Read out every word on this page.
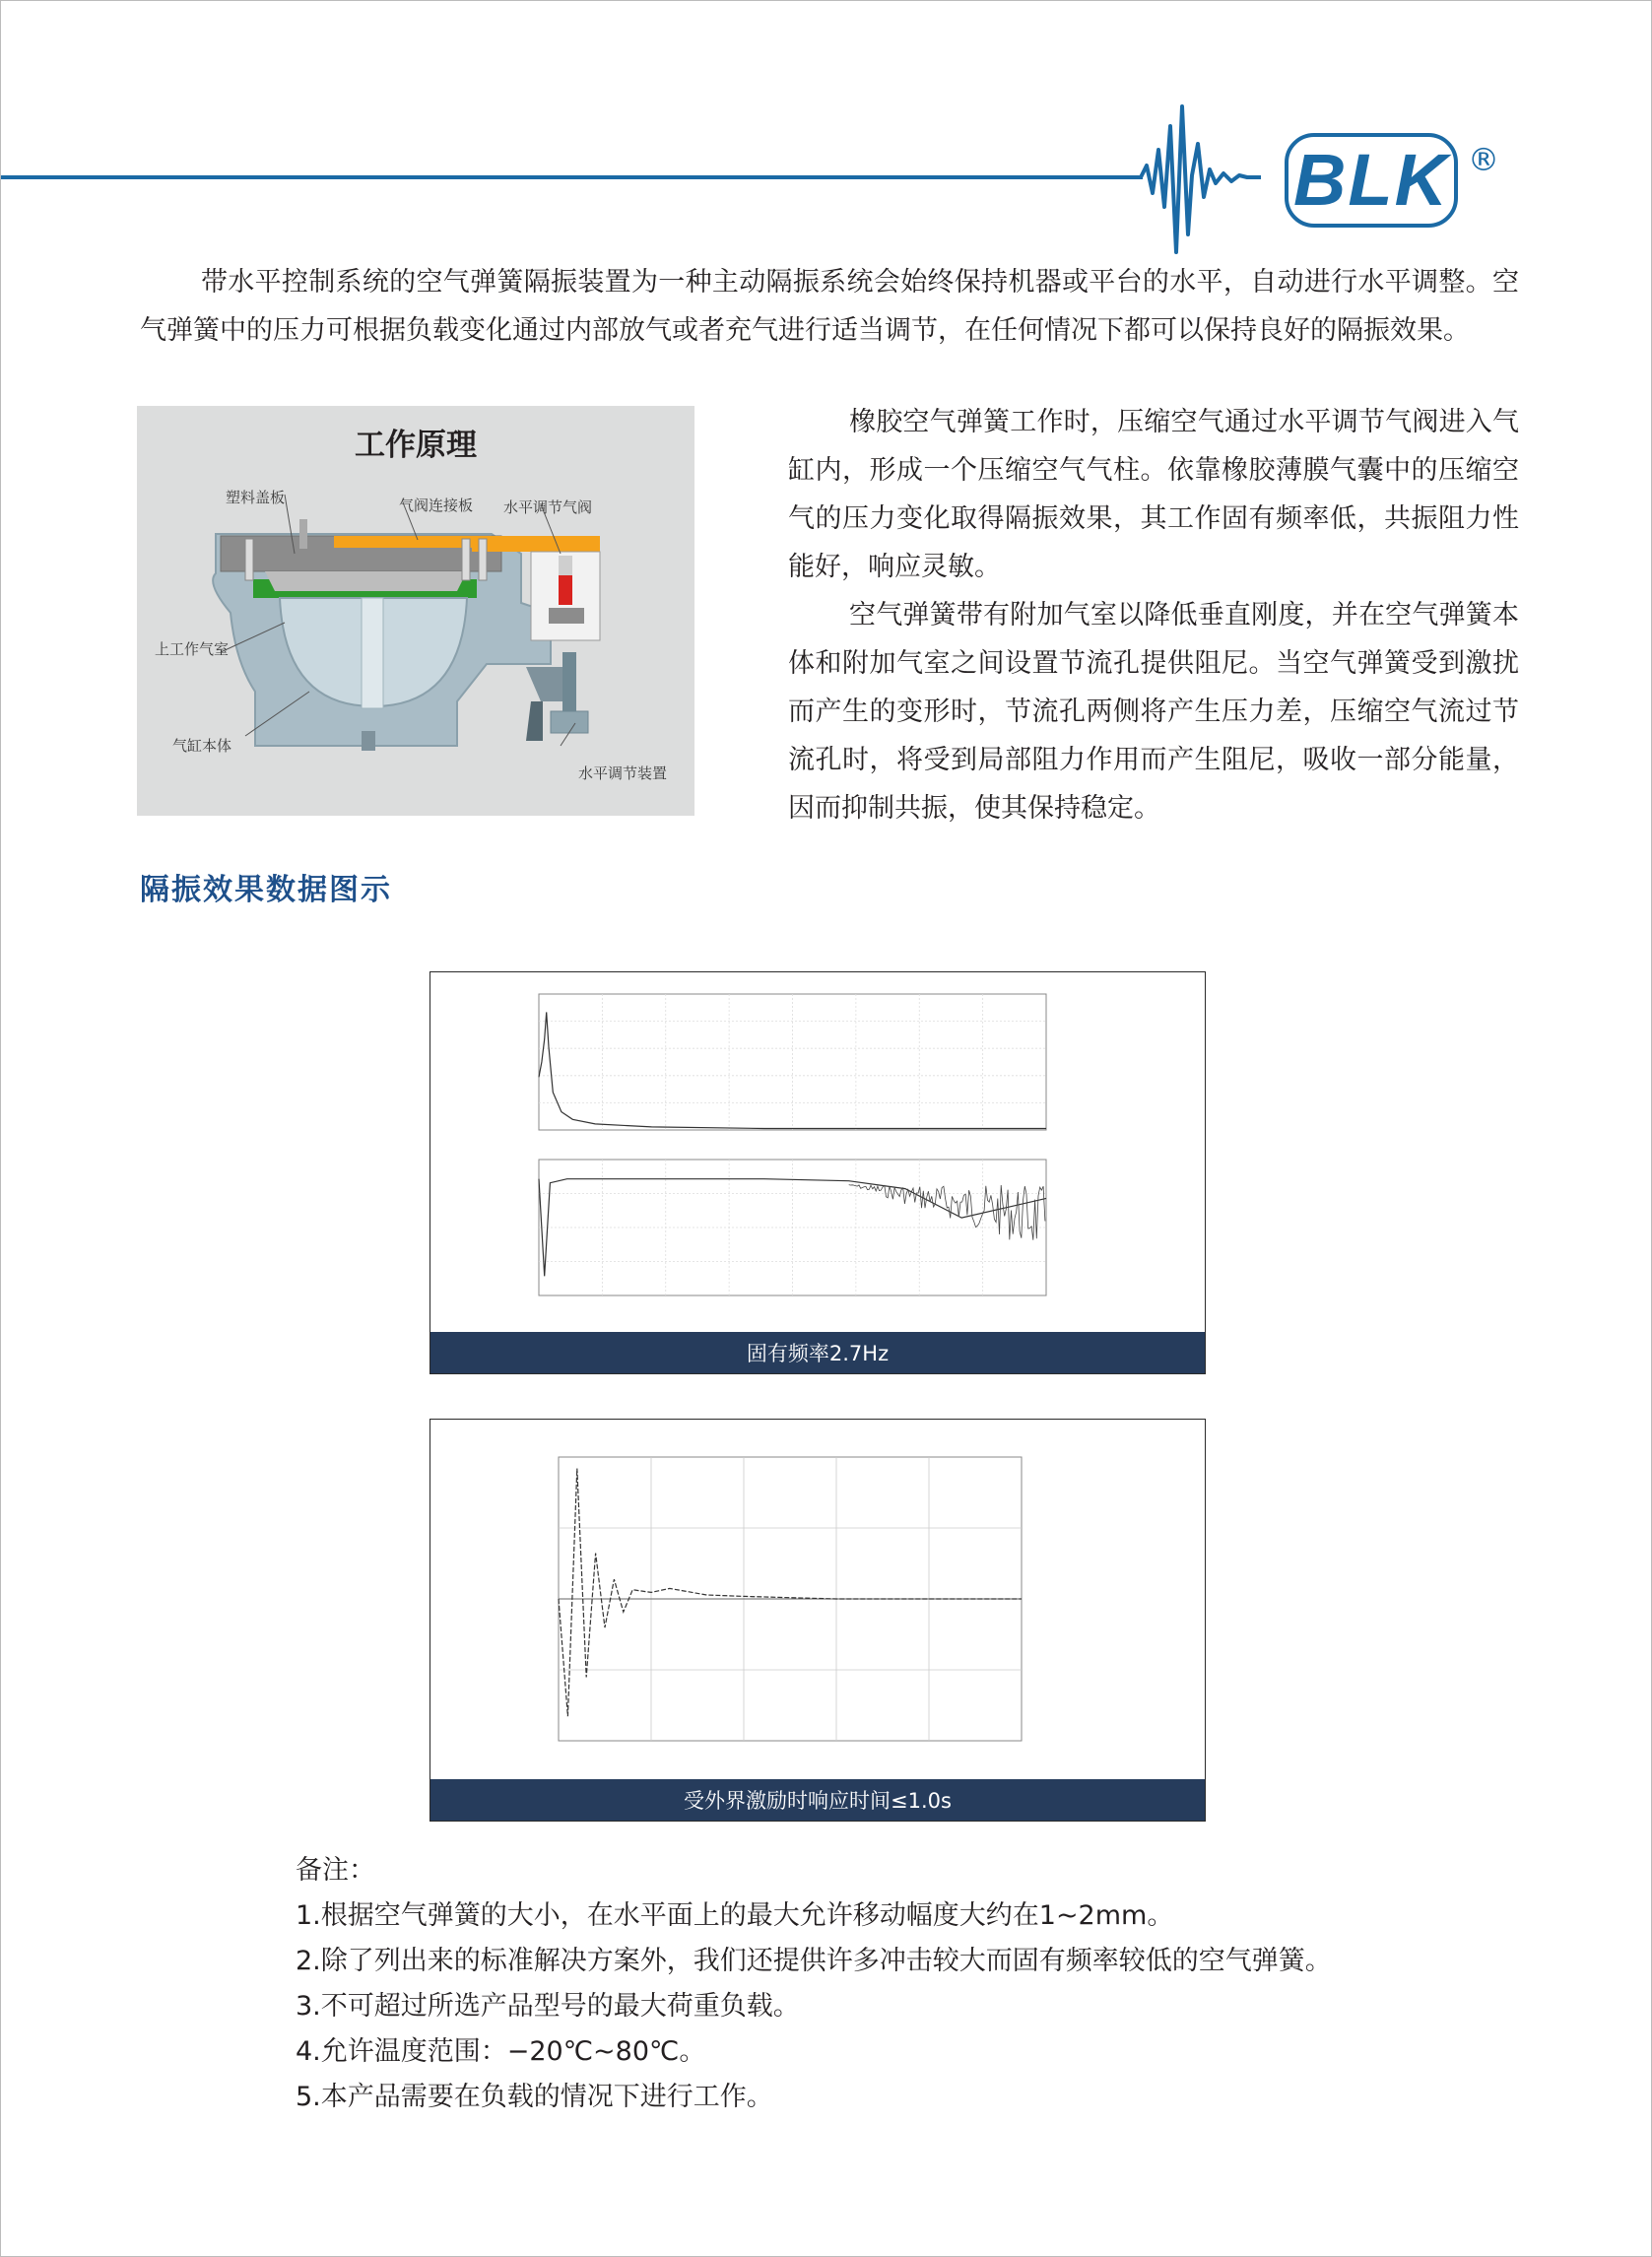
BLK ®

带水平控制系统的空气弹簧隔振装置为一种主动隔振系统会始终保持机器或平台的水平，自动进行水平调整。空气弹簧中的压力可根据负载变化通过内部放气或者充气进行适当调节，在任何情况下都可以保持良好的隔振效果。

工作原理
塑料盖板	气阀连接板 水平调节气阀
上工作气室
气缸本体
水平调节装置

橡胶空气弹簧工作时，压缩空气通过水平调节气阀进入气缸内，形成一个压缩空气气柱。依靠橡胶薄膜气囊中的压缩空气的压力变化取得隔振效果，其工作固有频率低，共振阻力性能好，响应灵敏。

空气弹簧带有附加气室以降低垂直刚度，并在空气弹簧本体和附加气室之间设置节流孔提供阻尼。当空气弹簧受到激扰而产生的变形时，节流孔两侧将产生压力差，压缩空气流过节流孔时，将受到局部阻力作用而产生阻尼，吸收一部分能量，因而抑制共振，使其保持稳定。

隔振效果数据图示
固有频率2.7Hz
受外界激励时响应时间≤1.0s

备注：

1.根据空气弹簧的大小，在水平面上的最大允许移动幅度大约在1~2mm。

2.除了列出来的标准解决方案外，我们还提供许多冲击较大而固有频率较低的空气弹簧。

3.不可超过所选产品型号的最大荷重负载。

4.允许温度范围：−20℃~80℃。

5.本产品需要在负载的情况下进行工作。
